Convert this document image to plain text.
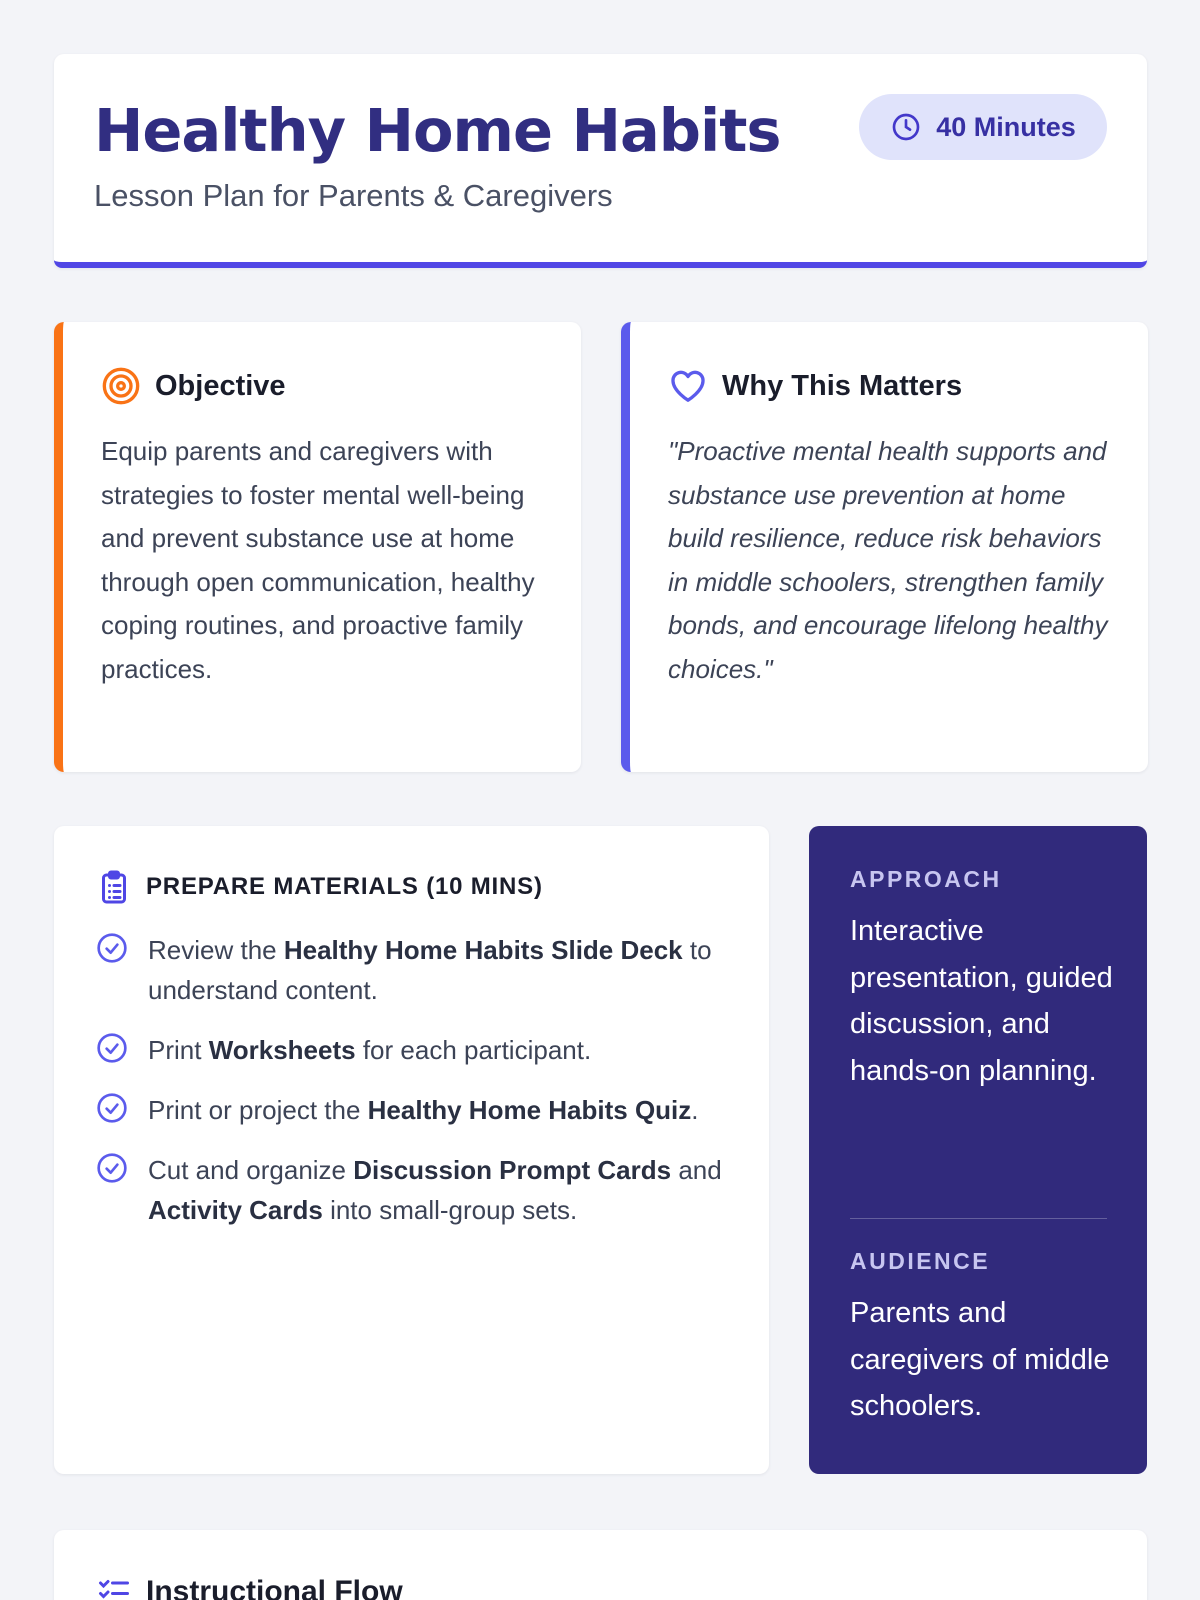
Healthy Home Habits
Lesson Plan for Parents & Caregivers
40 Minutes
Objective

Equip parents and caregivers with strategies to foster mental well-being and prevent substance use at home through open communication, healthy coping routines, and proactive family practices.

Why This Matters

"Proactive mental health supports and substance use prevention at home build resilience, reduce risk behaviors in middle schoolers, strengthen family bonds, and encourage lifelong healthy choices."

PREPARE MATERIALS (10 MINS)
Review the Healthy Home Habits Slide Deck to understand content.
Print Worksheets for each participant.
Print or project the Healthy Home Habits Quiz.
Cut and organize Discussion Prompt Cards and Activity Cards into small-group sets.
APPROACH
Interactive presentation, guided discussion, and hands-on planning.
AUDIENCE
Parents and caregivers of middle schoolers.
Instructional Flow
